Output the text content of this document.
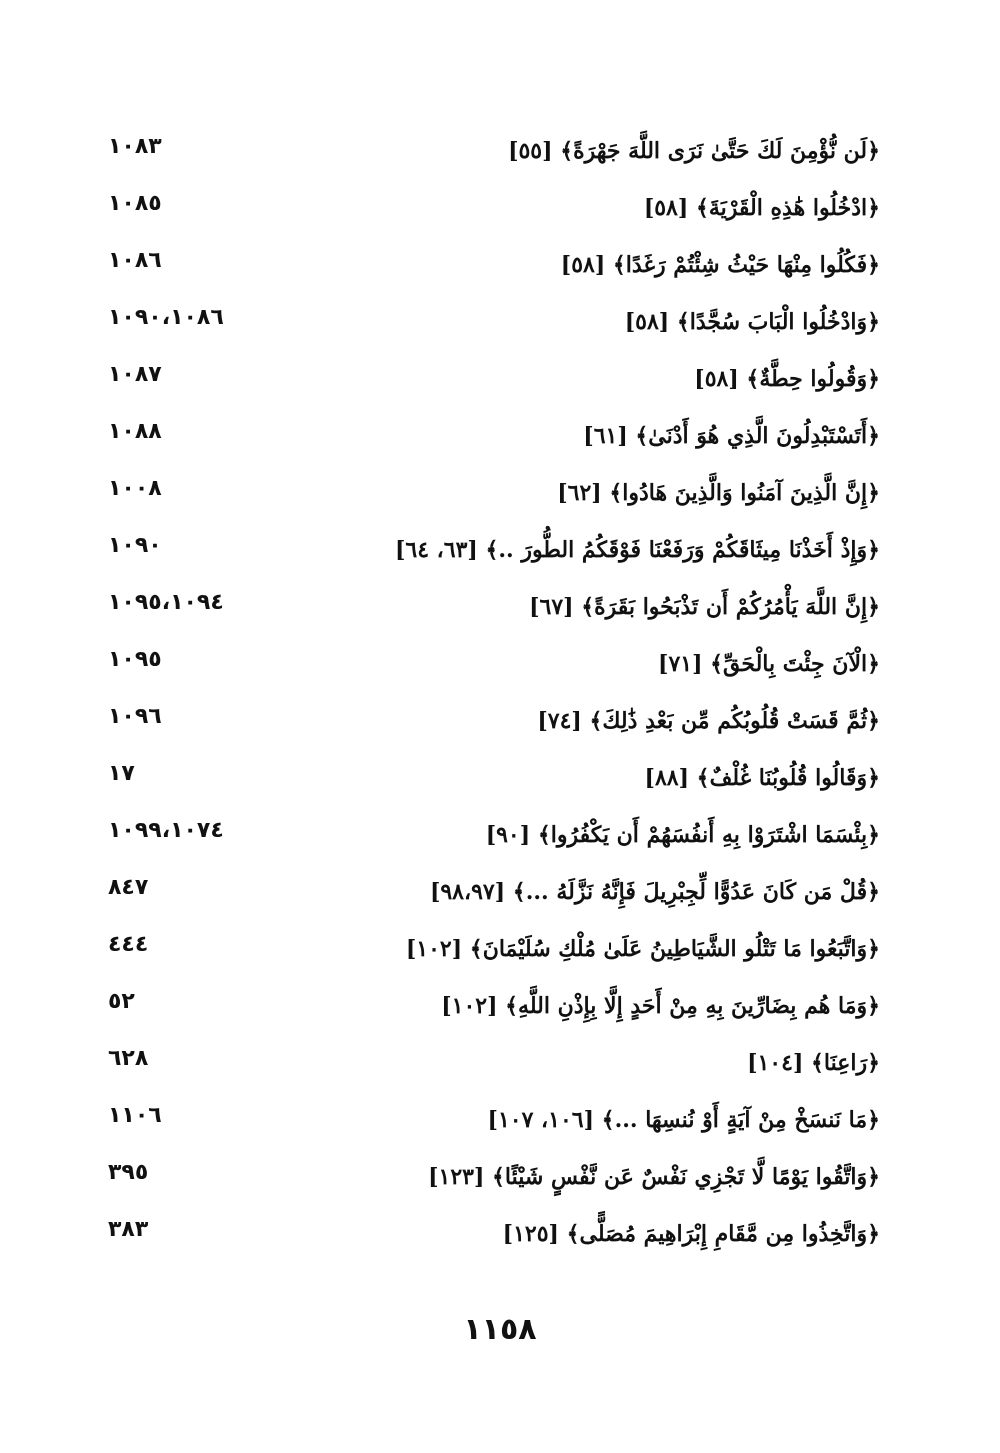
﴿لَن نُّؤْمِنَ لَكَ حَتَّىٰ نَرَى اللَّهَ جَهْرَةً﴾ [٥٥]
١٠٨٣
﴿ادْخُلُوا هَٰذِهِ الْقَرْيَةَ﴾ [٥٨]
١٠٨٥
﴿فَكُلُوا مِنْهَا حَيْثُ شِئْتُمْ رَغَدًا﴾ [٥٨]
١٠٨٦
﴿وَادْخُلُوا الْبَابَ سُجَّدًا﴾ [٥٨]
١٠٩٠،١٠٨٦
﴿وَقُولُوا حِطَّةٌ﴾ [٥٨]
١٠٨٧
﴿أَتَسْتَبْدِلُونَ الَّذِي هُوَ أَدْنَىٰ﴾ [٦١]
١٠٨٨
﴿إِنَّ الَّذِينَ آمَنُوا وَالَّذِينَ هَادُوا﴾ [٦٢]
١٠٠٨
﴿وَإِذْ أَخَذْنَا مِيثَاقَكُمْ وَرَفَعْنَا فَوْقَكُمُ الطُّورَ ..﴾ [٦٣، ٦٤]
١٠٩٠
﴿إِنَّ اللَّهَ يَأْمُرُكُمْ أَن تَذْبَحُوا بَقَرَةً﴾ [٦٧]
١٠٩٥،١٠٩٤
﴿الْآنَ جِئْتَ بِالْحَقِّ﴾ [٧١]
١٠٩٥
﴿ثُمَّ قَسَتْ قُلُوبُكُم مِّن بَعْدِ ذَٰلِكَ﴾ [٧٤]
١٠٩٦
﴿وَقَالُوا قُلُوبُنَا غُلْفٌ﴾ [٨٨]
١٧
﴿بِئْسَمَا اشْتَرَوْا بِهِ أَنفُسَهُمْ أَن يَكْفُرُوا﴾ [٩٠]
١٠٩٩،١٠٧٤
﴿قُلْ مَن كَانَ عَدُوًّا لِّجِبْرِيلَ فَإِنَّهُ نَزَّلَهُ ...﴾ [٩٨،٩٧]
٨٤٧
﴿وَاتَّبَعُوا مَا تَتْلُو الشَّيَاطِينُ عَلَىٰ مُلْكِ سُلَيْمَانَ﴾ [١٠٢]
٤٤٤
﴿وَمَا هُم بِضَارِّينَ بِهِ مِنْ أَحَدٍ إِلَّا بِإِذْنِ اللَّهِ﴾ [١٠٢]
٥٢
﴿رَاعِنَا﴾ [١٠٤]
٦٢٨
﴿مَا نَنسَخْ مِنْ آيَةٍ أَوْ نُنسِهَا ...﴾ [١٠٦، ١٠٧]
١١٠٦
﴿وَاتَّقُوا يَوْمًا لَّا تَجْزِي نَفْسٌ عَن نَّفْسٍ شَيْئًا﴾ [١٢٣]
٣٩٥
﴿وَاتَّخِذُوا مِن مَّقَامِ إِبْرَاهِيمَ مُصَلًّى﴾ [١٢٥]
٣٨٣
١١٥٨
